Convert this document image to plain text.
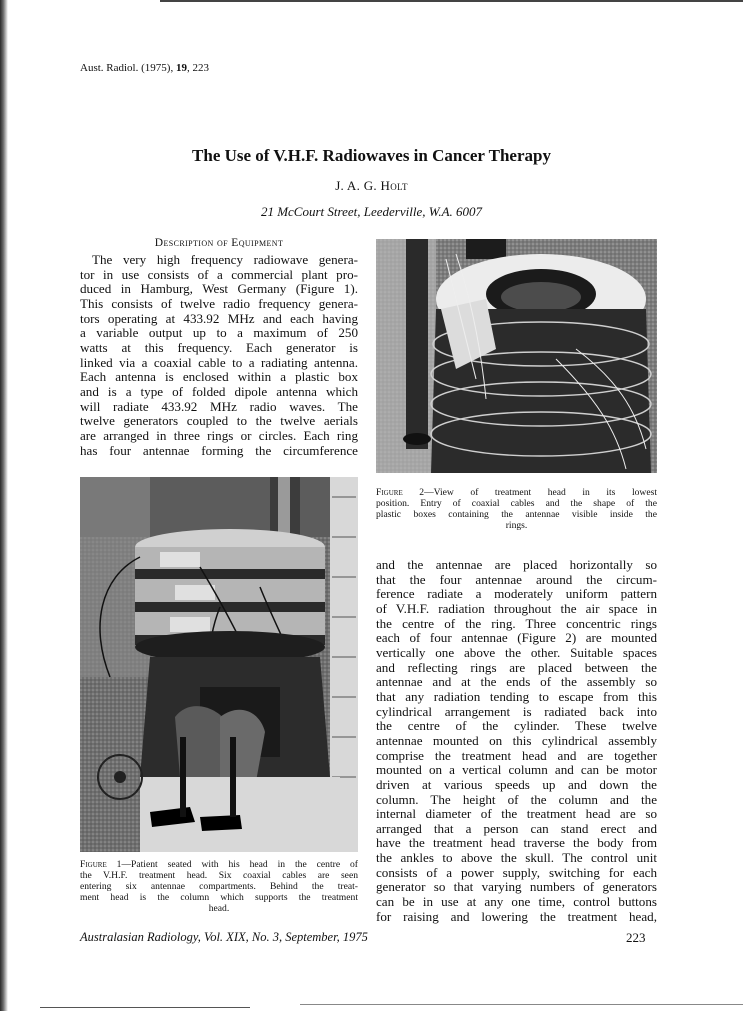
Aust. Radiol. (1975), 19, 223
The Use of V.H.F. Radiowaves in Cancer Therapy
J. A. G. Holt
21 McCourt Street, Leederville, W.A. 6007
Description of Equipment

The very high frequency radiowave genera-
tor in use consists of a commercial plant pro-
duced in Hamburg, West Germany (Figure 1).
This consists of twelve radio frequency genera-
tors operating at 433.92 MHz and each having
a variable output up to a maximum of 250
watts at this frequency. Each generator is
linked via a coaxial cable to a radiating antenna.
Each antenna is enclosed within a plastic box
and is a type of folded dipole antenna which
will radiate 433.92 MHz radio waves. The
twelve generators coupled to the twelve aerials
are arranged in three rings or circles. Each ring
has four antennae forming the circumference

Figure 1—Patient seated with his head in the centre of
the V.H.F. treatment head. Six coaxial cables are seen
entering six antennae compartments. Behind the treat-
ment head is the column which supports the treatment
head.

Figure 2—View of treatment head in its lowest
position. Entry of coaxial cables and the shape of the
plastic boxes containing the antennae visible inside the
rings.

and the antennae are placed horizontally so
that the four antennae around the circum-
ference radiate a moderately uniform pattern
of V.H.F. radiation throughout the air space in
the centre of the ring. Three concentric rings
each of four antennae (Figure 2) are mounted
vertically one above the other. Suitable spaces
and reflecting rings are placed between the
antennae and at the ends of the assembly so
that any radiation tending to escape from this
cylindrical arrangement is radiated back into
the centre of the cylinder. These twelve
antennae mounted on this cylindrical assembly
comprise the treatment head and are together
mounted on a vertical column and can be motor
driven at various speeds up and down the
column. The height of the column and the
internal diameter of the treatment head are so
arranged that a person can stand erect and
have the treatment head traverse the body from
the ankles to above the skull. The control unit
consists of a power supply, switching for each
generator so that varying numbers of generators
can be in use at any one time, control buttons
for raising and lowering the treatment head,

Australasian Radiology, Vol. XIX, No. 3, September, 1975	223
